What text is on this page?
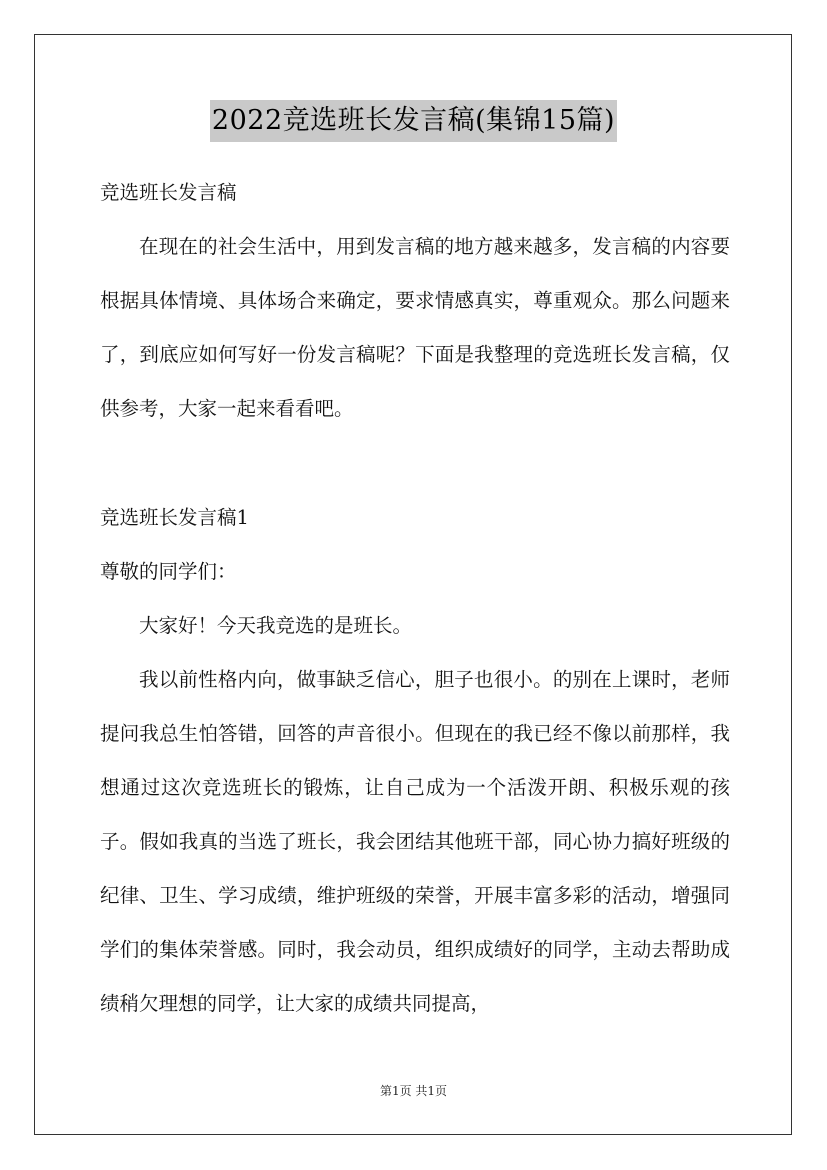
2022竞选班长发言稿(集锦15篇)
竞选班长发言稿
在现在的社会生活中，用到发言稿的地方越来越多，发言稿的内容要根据具体情境、具体场合来确定，要求情感真实，尊重观众。那么问题来了，到底应如何写好一份发言稿呢？下面是我整理的竞选班长发言稿，仅供参考，大家一起来看看吧。
竞选班长发言稿1
尊敬的同学们：
大家好！今天我竞选的是班长。
我以前性格内向，做事缺乏信心，胆子也很小。的别在上课时，老师提问我总生怕答错，回答的声音很小。但现在的我已经不像以前那样，我想通过这次竞选班长的锻炼，让自己成为一个活泼开朗、积极乐观的孩子。假如我真的当选了班长，我会团结其他班干部，同心协力搞好班级的纪律、卫生、学习成绩，维护班级的荣誉，开展丰富多彩的活动，增强同学们的集体荣誉感。同时，我会动员，组织成绩好的同学，主动去帮助成绩稍欠理想的同学，让大家的成绩共同提高，
第1页 共1页
